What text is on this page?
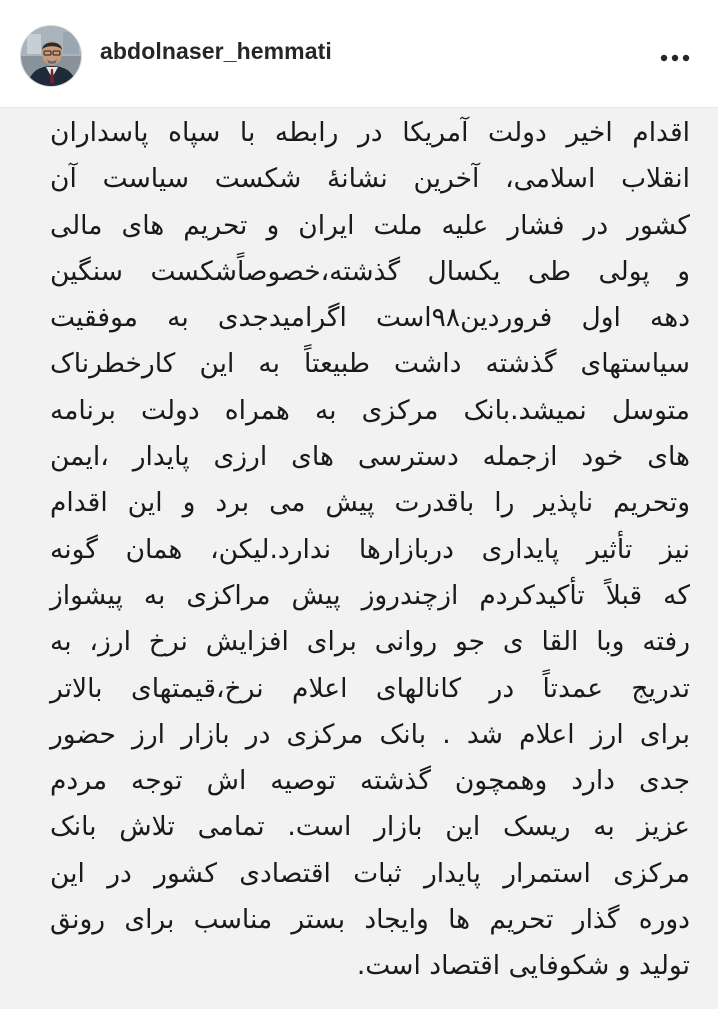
abdolnaser_hemmati
اقدام اخیر دولت آمریکا در رابطه با سپاه پاسداران
انقلاب اسلامی، آخرین نشانهٔ شکست سیاست آن
کشور در فشار علیه ملت ایران و تحریم های مالی
و پولی طی یکسال گذشته،خصوصاًشکست سنگین
دهه اول فروردین۹۸است اگرامیدجدی به موفقیت
سیاستهای گذشته داشت طبیعتاً به این کارخطرناک
متوسل نمیشد.بانک مرکزی به همراه دولت برنامه
های خود ازجمله دسترسی های ارزی پایدار ،ایمن
وتحریم ناپذیر را باقدرت پیش می برد و این اقدام
نیز تأثیر پایداری دربازارها ندارد.لیکن، همان گونه
که قبلاً تأکیدکردم ازچندروز پیش مراکزی به پیشواز
رفته وبا القا ی جو روانی برای افزایش نرخ ارز، به
تدریج عمدتاً در کانالهای اعلام نرخ،قیمتهای بالاتر
برای ارز اعلام شد . بانک مرکزی در بازار ارز حضور
جدی دارد وهمچون گذشته توصیه اش توجه مردم
عزیز به ریسک این بازار است. تمامی تلاش بانک
مرکزی استمرار پایدار ثبات اقتصادی کشور در این
دوره گذار تحریم ها وایجاد بستر مناسب برای رونق
تولید و شکوفایی اقتصاد است.
